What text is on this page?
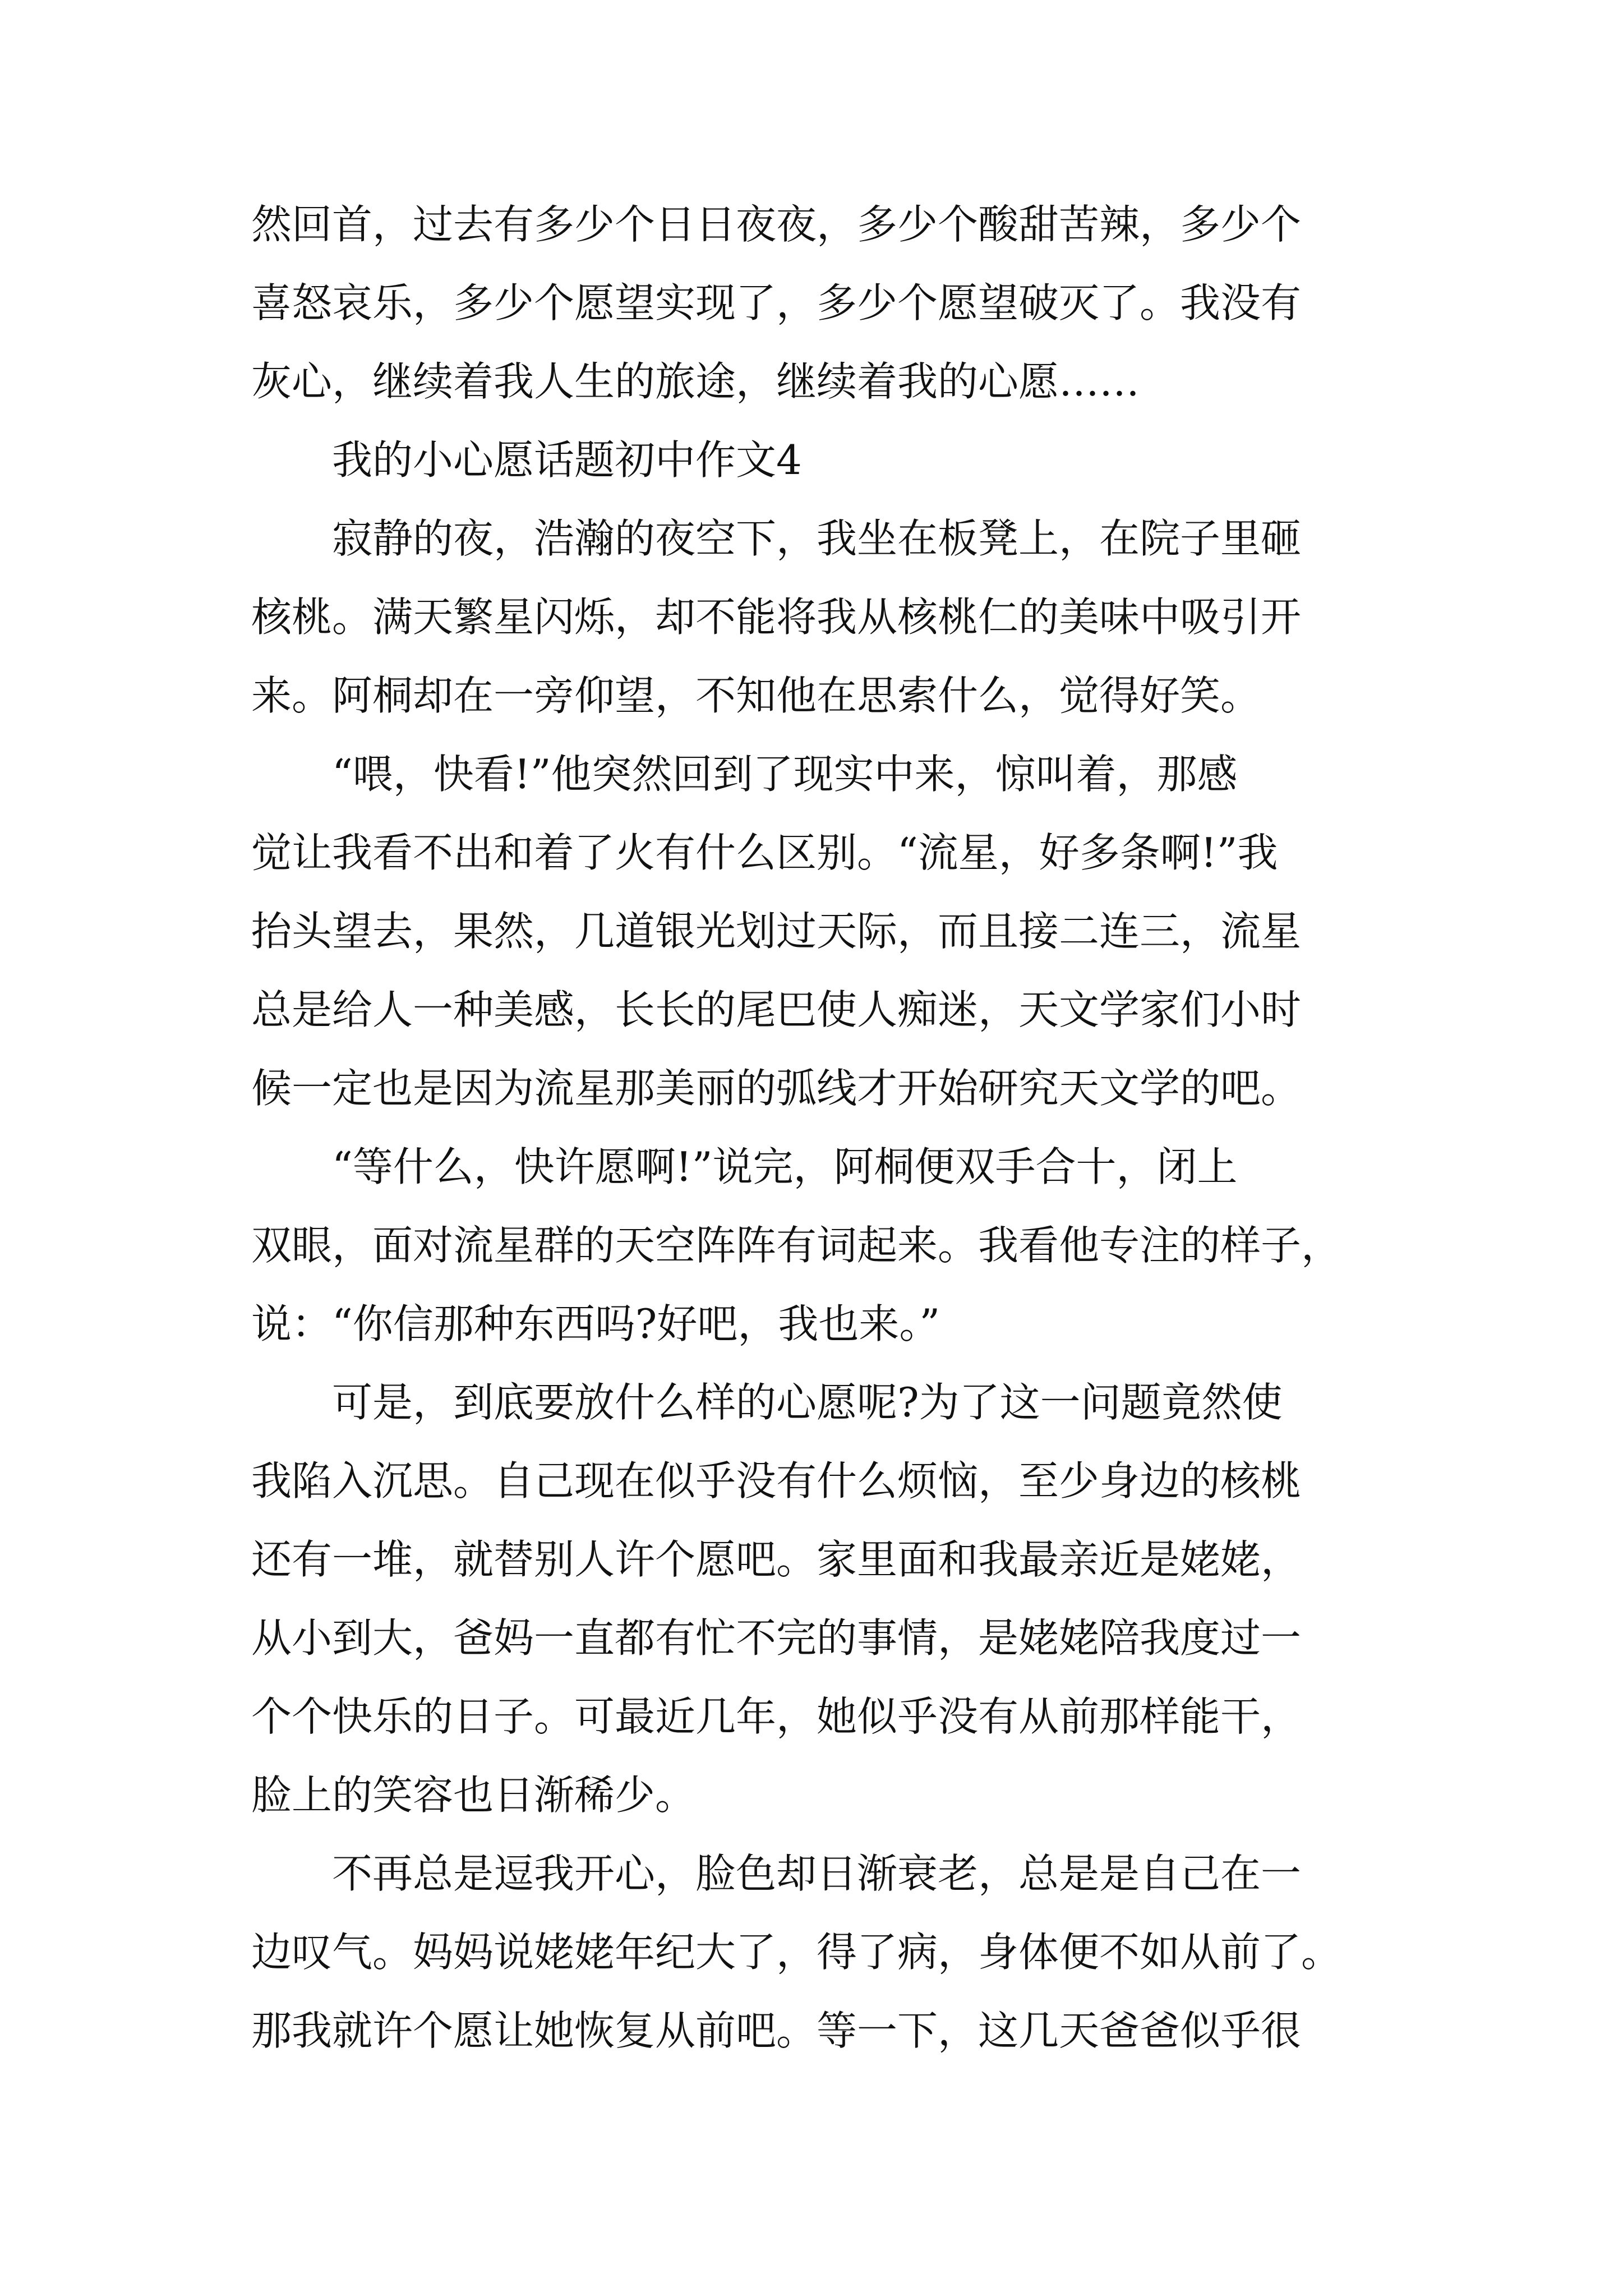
然回首，过去有多少个日日夜夜，多少个酸甜苦辣，多少个
喜怒哀乐，多少个愿望实现了，多少个愿望破灭了。我没有
灰心，继续着我人生的旅途，继续着我的心愿……
我的小心愿话题初中作文4
寂静的夜，浩瀚的夜空下，我坐在板凳上，在院子里砸
核桃。满天繁星闪烁，却不能将我从核桃仁的美味中吸引开
来。阿桐却在一旁仰望，不知他在思索什么，觉得好笑。
“喂，快看!”他突然回到了现实中来，惊叫着，那感
觉让我看不出和着了火有什么区别。“流星，好多条啊!”我
抬头望去，果然，几道银光划过天际，而且接二连三，流星
总是给人一种美感，长长的尾巴使人痴迷，天文学家们小时
候一定也是因为流星那美丽的弧线才开始研究天文学的吧。
“等什么，快许愿啊!”说完，阿桐便双手合十，闭上
双眼，面对流星群的天空阵阵有词起来。我看他专注的样子，
说：“你信那种东西吗?好吧，我也来。”
可是，到底要放什么样的心愿呢?为了这一问题竟然使
我陷入沉思。自己现在似乎没有什么烦恼，至少身边的核桃
还有一堆，就替别人许个愿吧。家里面和我最亲近是姥姥，
从小到大，爸妈一直都有忙不完的事情，是姥姥陪我度过一
个个快乐的日子。可最近几年，她似乎没有从前那样能干，
脸上的笑容也日渐稀少。
不再总是逗我开心，脸色却日渐衰老，总是是自己在一
边叹气。妈妈说姥姥年纪大了，得了病，身体便不如从前了。
那我就许个愿让她恢复从前吧。等一下，这几天爸爸似乎很
